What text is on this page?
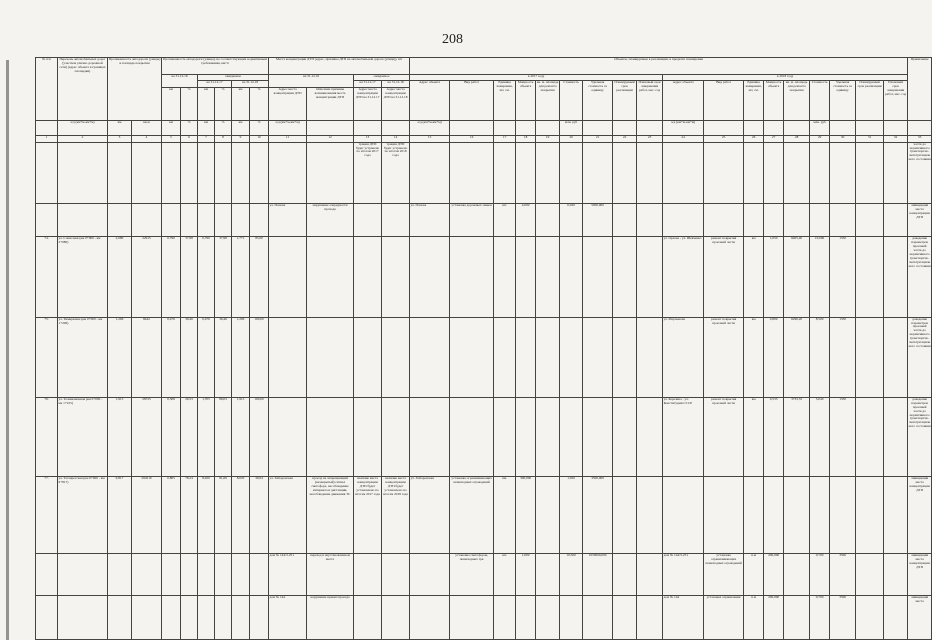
208
№ п/п	Перечень автомобильных дорог (участков улично-дорожной сети) (адрес объекта в границах площадки)	Протяженность автодороги (улицы) и площадь покрытия		Протяженность автодороги (улицы), не соответствующих нормативным требованиям, км/%						Места концентрации ДТП (адрес, причины ДТП на автомобильной дороге (улице)), шт				Объекты, планируемые к реализации, в пределах планировки																		Примечание
				на 31.12.16		ожидаемое				на 31.12.16		ожидаемое		в 2017 году									в 2018 году									
						на 31.12.17		на 31.12.18				на 31.12.17	на 31.12.18	Адрес объекта	Вид работ	Единица измерения, шт, см.	Мощность объекта	кв. м. площадь для ремонта покрытия	Стоимость	Удельная стоимость за единицу	Планируемый срок реализации	Плановый срок завершения работ, мес. год	Адрес объекта	Вид работ	Единица измерения, шт, см.	Мощность объекта	кв. м. площадь для ремонта покрытия	Стоимость	Удельная стоимость за единицу	Планируемый срок реализации	Плановый срок завершения работ, мес. год	
				км	%	км	%	км	%	Адрес места концентрации ДТП	Описание причины возникновения места концентрации ДТП	Адрес места концентрации ДТП на 31.12.17	Адрес места концентрации ДТП на 31.12.18																			
	а/д (км+м-км+м)	км	кв.м	км	%	км	%	км	%	а/д (км+м-км+м)				а/д (км+м-км+м)					млн. руб				а/д (км+м-км+м)					млн. руб				
1	2	3	4	5	6	7	8	9	10	11	12	13	14	15	16	17	18	19	20	21	22	23	24	25	26	27	28	29	30	31	32	33
												трацин ДТП будет устранено по итогам 2017 года	трацин ДТП будет устранено по итогам 2018 года																			части до нормативного транспортно-эксплуатационного состояния
										ул. Попова	нарушение очередности прохода			ул. Попова	установка дорожных знаков	шт.	4,000		0,020	5000,000												ликвидация места концентрации ДТП
74.	ул. Совхозная (км 0+000 - км 2+080)	2,080	22915	0,790	37,98	0,790	37,98	1,771	85,00														ул. Орлова - ул. Шевченко	ремонт покрытия проезжей части	км	1,050	9405,40	10,000	1350			доведение параметров проезжей части до нормативного транспортно-эксплуатационного состояния
75.	ул. Тимирязева (км 0+000 - км 1+206)	1,206	8442	0,476	39,46	0,476	39,46	1,206	100,00														ул. Мартынова	ремонт покрытия проезжей части	км	0,809	6296,20	8,500	1350			доведение параметров проезжей части до нормативного транспортно-эксплуатационного состояния
76.	ул. Телевизионная (км 0+000 - км 1+915)	1,915	28725	0,508	26,53	1,705	89,03	1,915	100,00														ул. Березина - ул. Конституции СССР	ремонт покрытия проезжей части	км	0,533	3733,33	5,040	1350			доведение параметров проезжей части до нормативного транспортно-эксплуатационного состояния
77.	ул. Таганрогская (км 0+000 - км 9+817)	9,817	294510	0,805	78,24	8,020	81,69	8,020	39,04	ул. Хабаровская	проезд на запрещающий (незакрытый) сигнал светофора, несоблюдение интервала и дистанции, несоблюдение движения ТС	наличие места концентрации ДТП будет установлено по итогам 2017 года	наличие места концентрации ДТП будет установлено по итогам 2018 года	ул. Хабаровская	установка ограничивающих пешеходных ограждений	пм.	300,000		1,050	3500,000												ликвидация места концентрации ДТП
										дом № 144/3-251	переход в неустановленном месте				установка светофоров, пешеходных трк	шт.	1,000		10,500	1050000,000			дом № 144/3-251	установка ограничивающих пешеходных ограждений	п.м	200,000		0,700	3500			ликвидация места концентрации ДТП
										дом № 144	нарушение правил проезда												дом № 144	установка ограничения	п.м	200,000		0,700	3500			ликвидация места
